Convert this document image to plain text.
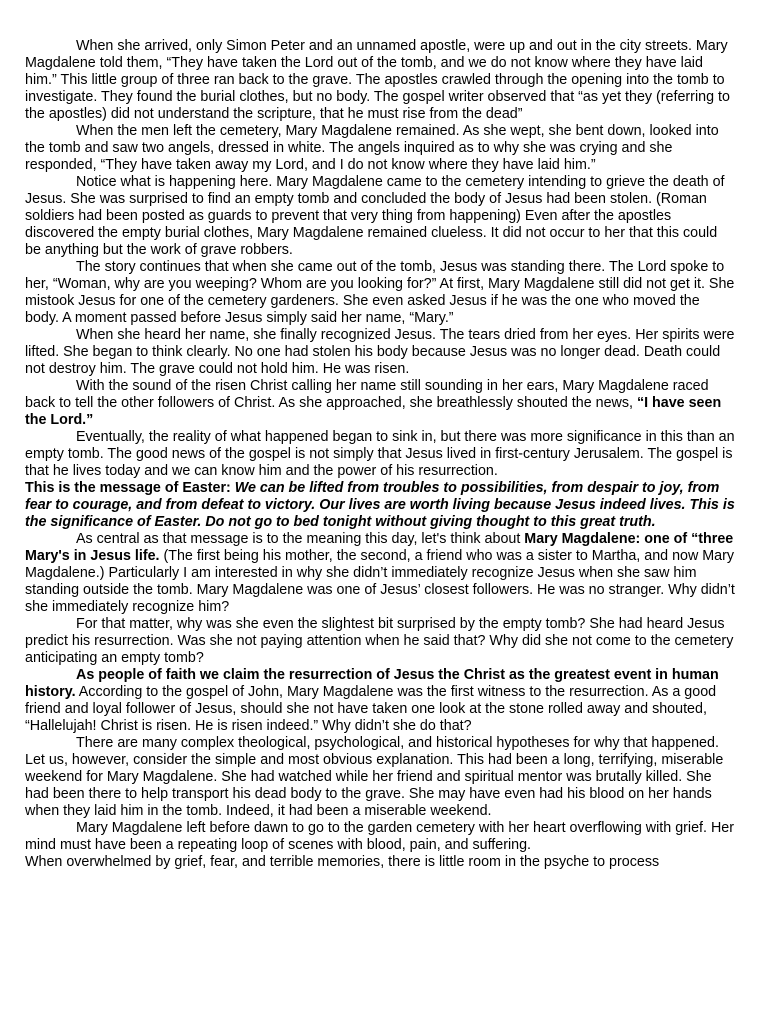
When she arrived, only Simon Peter and an unnamed apostle, were up and out in the city streets. Mary Magdalene told them, “They have taken the Lord out of the tomb, and we do not know where they have laid him.” This little group of three ran back to the grave. The apostles crawled through the opening into the tomb to investigate. They found the burial clothes, but no body. The gospel writer observed that “as yet they (referring to the apostles) did not understand the scripture, that he must rise from the dead”

When the men left the cemetery, Mary Magdalene remained. As she wept, she bent down, looked into the tomb and saw two angels, dressed in white. The angels inquired as to why she was crying and she responded, “They have taken away my Lord, and I do not know where they have laid him.”

Notice what is happening here. Mary Magdalene came to the cemetery intending to grieve the death of Jesus. She was surprised to find an empty tomb and concluded the body of Jesus had been stolen. (Roman soldiers had been posted as guards to prevent that very thing from happening) Even after the apostles discovered the empty burial clothes, Mary Magdalene remained clueless. It did not occur to her that this could be anything but the work of grave robbers.

The story continues that when she came out of the tomb, Jesus was standing there. The Lord spoke to her, “Woman, why are you weeping? Whom are you looking for?” At first, Mary Magdalene still did not get it. She mistook Jesus for one of the cemetery gardeners. She even asked Jesus if he was the one who moved the body. A moment passed before Jesus simply said her name, “Mary.”

When she heard her name, she finally recognized Jesus. The tears dried from her eyes. Her spirits were lifted. She began to think clearly. No one had stolen his body because Jesus was no longer dead. Death could not destroy him. The grave could not hold him. He was risen.

With the sound of the risen Christ calling her name still sounding in her ears, Mary Magdalene raced back to tell the other followers of Christ. As she approached, she breathlessly shouted the news, “I have seen the Lord.”

Eventually, the reality of what happened began to sink in, but there was more significance in this than an empty tomb. The good news of the gospel is not simply that Jesus lived in first-century Jerusalem. The gospel is that he lives today and we can know him and the power of his resurrection.

This is the message of Easter: We can be lifted from troubles to possibilities, from despair to joy, from fear to courage, and from defeat to victory. Our lives are worth living because Jesus indeed lives. This is the significance of Easter. Do not go to bed tonight without giving thought to this great truth.

As central as that message is to the meaning this day, let's think about Mary Magdalene: one of “three Mary's in Jesus life. (The first being his mother, the second, a friend who was a sister to Martha, and now Mary Magdalene.) Particularly I am interested in why she didn’t immediately recognize Jesus when she saw him standing outside the tomb. Mary Magdalene was one of Jesus’ closest followers. He was no stranger. Why didn’t she immediately recognize him?

For that matter, why was she even the slightest bit surprised by the empty tomb? She had heard Jesus predict his resurrection. Was she not paying attention when he said that? Why did she not come to the cemetery anticipating an empty tomb?

As people of faith we claim the resurrection of Jesus the Christ as the greatest event in human history. According to the gospel of John, Mary Magdalene was the first witness to the resurrection. As a good friend and loyal follower of Jesus, should she not have taken one look at the stone rolled away and shouted, “Hallelujah! Christ is risen. He is risen indeed.” Why didn’t she do that?

There are many complex theological, psychological, and historical hypotheses for why that happened. Let us, however, consider the simple and most obvious explanation. This had been a long, terrifying, miserable weekend for Mary Magdalene. She had watched while her friend and spiritual mentor was brutally killed. She had been there to help transport his dead body to the grave. She may have even had his blood on her hands when they laid him in the tomb. Indeed, it had been a miserable weekend.

Mary Magdalene left before dawn to go to the garden cemetery with her heart overflowing with grief. Her mind must have been a repeating loop of scenes with blood, pain, and suffering.

When overwhelmed by grief, fear, and terrible memories, there is little room in the psyche to process
